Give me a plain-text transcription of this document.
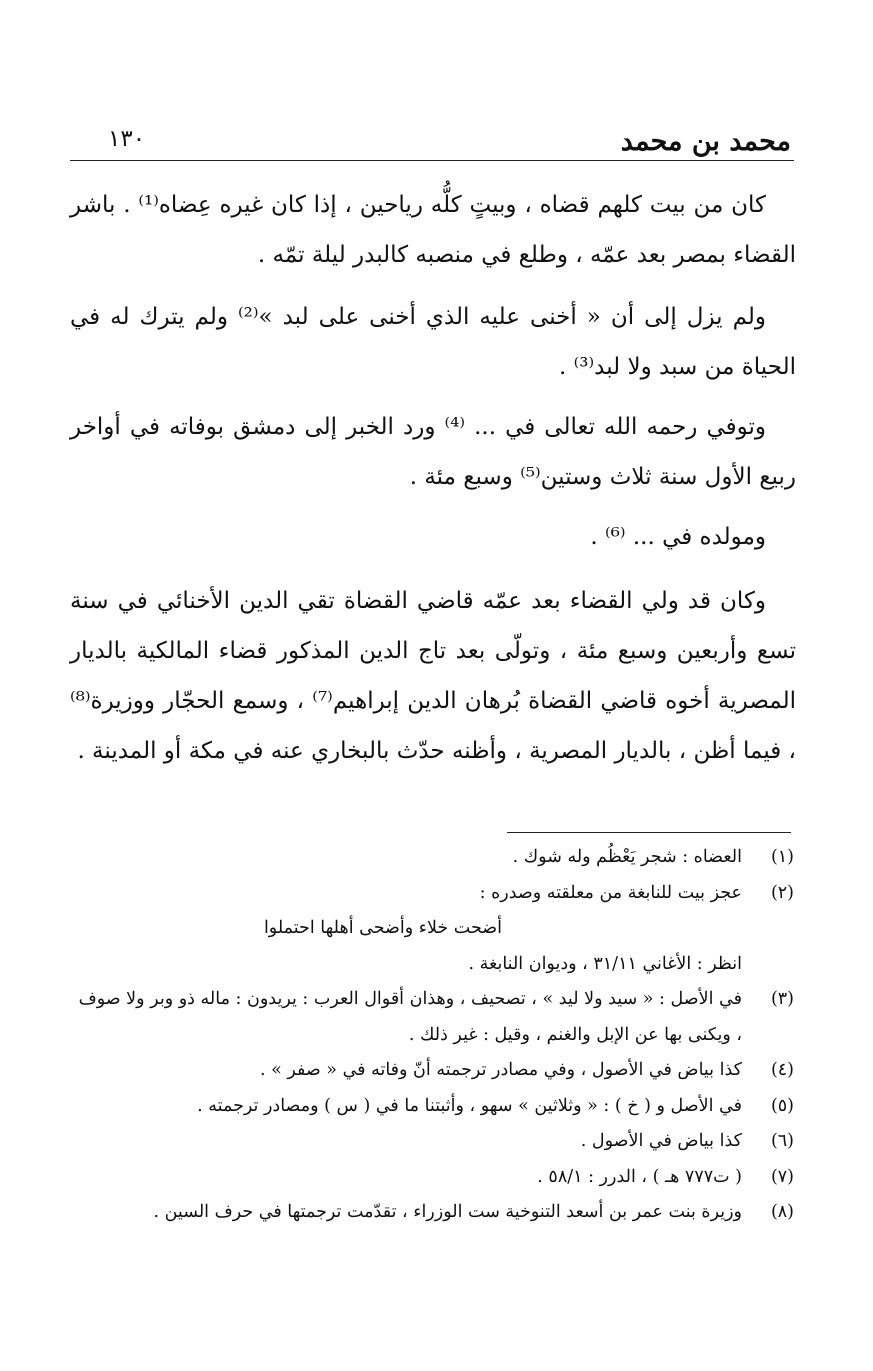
محمد بن محمد
١٣٠

كان من بيت كلهم قضاه ، وبيتٍ كلُّه رياحين ، إذا كان غيره عِضاه⁽¹⁾ . باشر القضاء بمصر بعد عمّه ، وطلع في منصبه كالبدر ليلة تمّه .

ولم يزل إلى أن « أخنى عليه الذي أخنى على لبد »⁽²⁾ ولم يترك له في الحياة من سبد ولا لبد⁽³⁾ .

وتوفي رحمه الله تعالى في ... ⁽⁴⁾ ورد الخبر إلى دمشق بوفاته في أواخر ربيع الأول سنة ثلاث وستين⁽⁵⁾ وسبع مئة .

ومولده في ... ⁽⁶⁾ .

وكان قد ولي القضاء بعد عمّه قاضي القضاة تقي الدين الأخنائي في سنة تسع وأربعين وسبع مئة ، وتولّى بعد تاج الدين المذكور قضاء المالكية بالديار المصرية أخوه قاضي القضاة بُرهان الدين إبراهيم⁽⁷⁾ ، وسمع الحجّار ووزيرة⁽⁸⁾ ، فيما أظن ، بالديار المصرية ، وأظنه حدّث بالبخاري عنه في مكة أو المدينة .

(١)
العضاه : شجر يَعْظُم وله شوك .
(٢)
عجز بيت للنابغة من معلقته وصدره :
أضحت خلاء وأضحى أهلها احتملوا
انظر : الأغاني ٣١/١١ ، وديوان النابغة .
(٣)
في الأصل : « سيد ولا ليد » ، تصحيف ، وهذان أقوال العرب : يريدون : ماله ذو وبر ولا صوف ، ويكنى بها عن الإبل والغنم ، وقيل : غير ذلك .
(٤)
كذا بياض في الأصول ، وفي مصادر ترجمته أنّ وفاته في « صفر » .
(٥)
في الأصل و ( خ ) : « وثلاثين » سهو ، وأثبتنا ما في ( س ) ومصادر ترجمته .
(٦)
كذا بياض في الأصول .
(٧)
( ت٧٧٧ هـ ) ، الدرر : ٥٨/١ .
(٨)
وزيرة بنت عمر بن أسعد التنوخية ست الوزراء ، تقدّمت ترجمتها في حرف السين .
